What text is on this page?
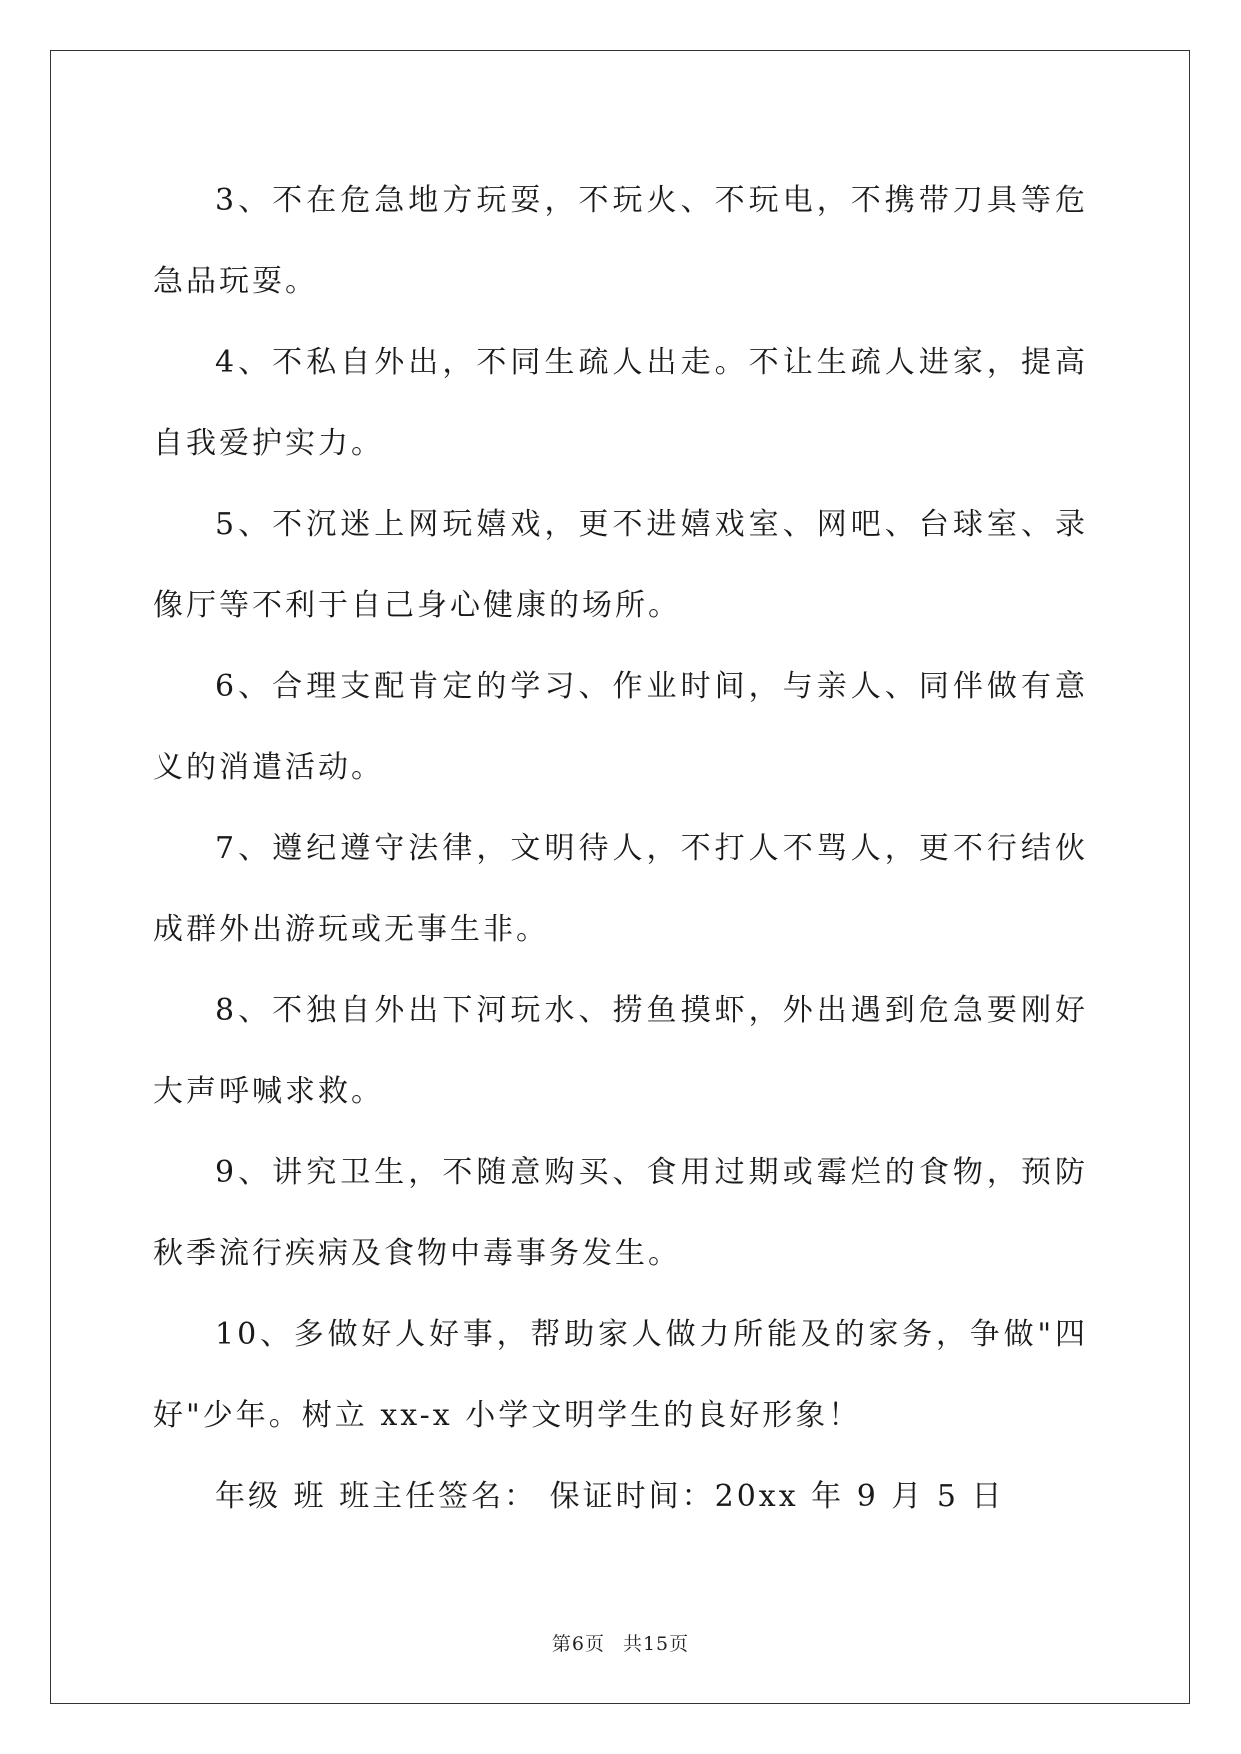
3、不在危急地方玩耍，不玩火、不玩电，不携带刀具等危急品玩耍。

4、不私自外出，不同生疏人出走。不让生疏人进家，提高自我爱护实力。

5、不沉迷上网玩嬉戏，更不进嬉戏室、网吧、台球室、录像厅等不利于自己身心健康的场所。

6、合理支配肯定的学习、作业时间，与亲人、同伴做有意义的消遣活动。

7、遵纪遵守法律，文明待人，不打人不骂人，更不行结伙成群外出游玩或无事生非。

8、不独自外出下河玩水、捞鱼摸虾，外出遇到危急要刚好大声呼喊求救。

9、讲究卫生，不随意购买、食用过期或霉烂的食物，预防秋季流行疾病及食物中毒事务发生。

10、多做好人好事，帮助家人做力所能及的家务，争做"四好"少年。树立 xx-x 小学文明学生的良好形象！

年级 班 班主任签名： 保证时间：20xx 年 9 月 5 日

第6页 共15页
